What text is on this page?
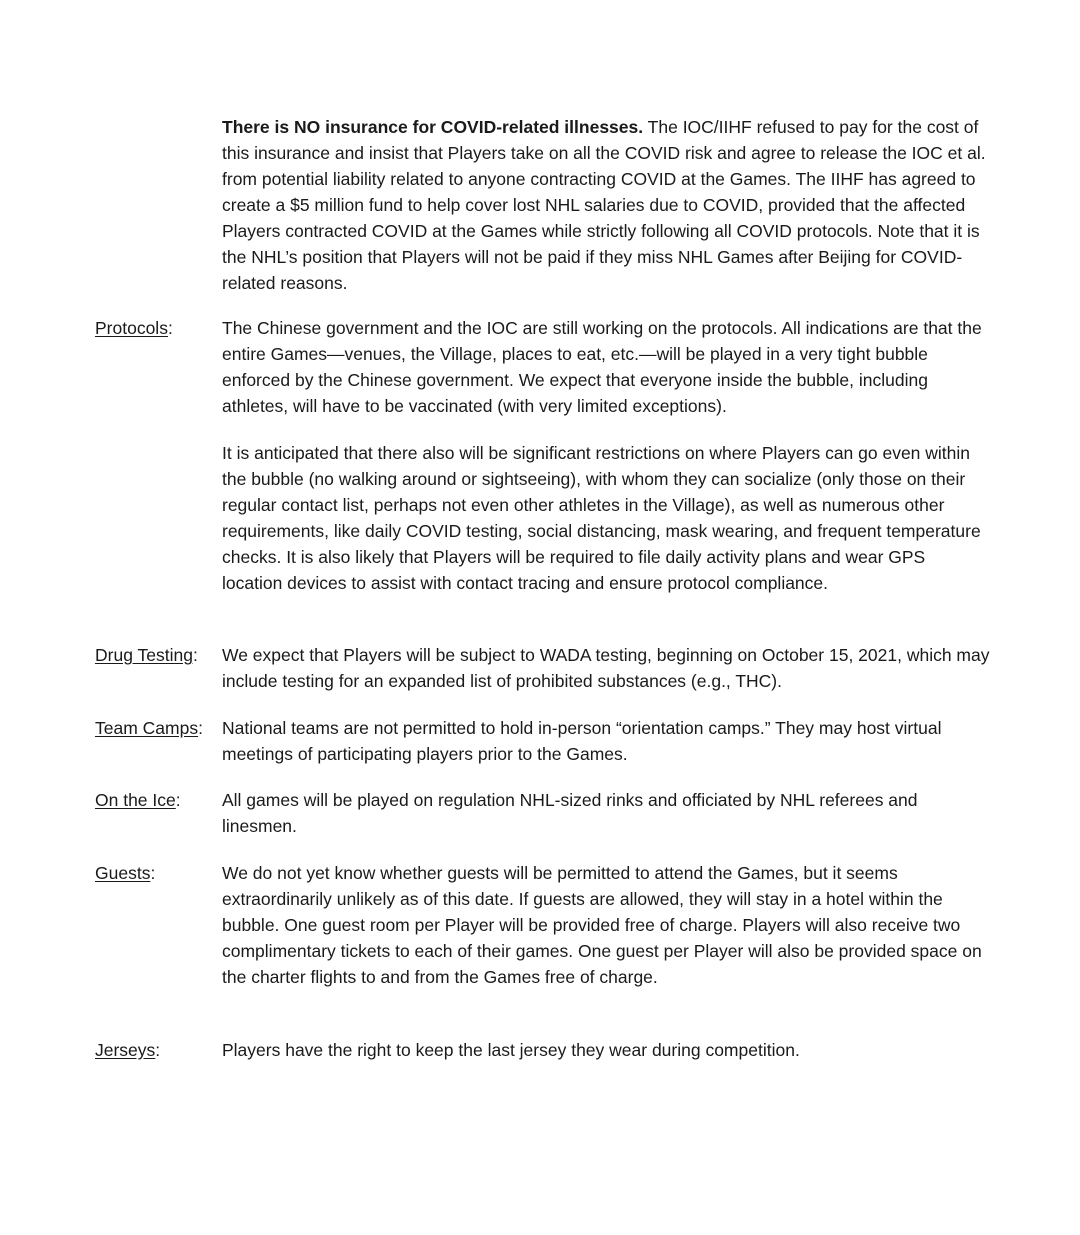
There is NO insurance for COVID-related illnesses. The IOC/IIHF refused to pay for the cost of this insurance and insist that Players take on all the COVID risk and agree to release the IOC et al. from potential liability related to anyone contracting COVID at the Games. The IIHF has agreed to create a $5 million fund to help cover lost NHL salaries due to COVID, provided that the affected Players contracted COVID at the Games while strictly following all COVID protocols. Note that it is the NHL’s position that Players will not be paid if they miss NHL Games after Beijing for COVID-related reasons.

Protocols:	The Chinese government and the IOC are still working on the protocols. All indications are that the entire Games—venues, the Village, places to eat, etc.—will be played in a very tight bubble enforced by the Chinese government. We expect that everyone inside the bubble, including athletes, will have to be vaccinated (with very limited exceptions).

It is anticipated that there also will be significant restrictions on where Players can go even within the bubble (no walking around or sightseeing), with whom they can socialize (only those on their regular contact list, perhaps not even other athletes in the Village), as well as numerous other requirements, like daily COVID testing, social distancing, mask wearing, and frequent temperature checks. It is also likely that Players will be required to file daily activity plans and wear GPS location devices to assist with contact tracing and ensure protocol compliance.

Drug Testing: We expect that Players will be subject to WADA testing, beginning on October 15, 2021, which may include testing for an expanded list of prohibited substances (e.g., THC).

Team Camps: National teams are not permitted to hold in-person “orientation camps.” They may host virtual meetings of participating players prior to the Games.

On the Ice: All games will be played on regulation NHL-sized rinks and officiated by NHL referees and linesmen.

Guests:	We do not yet know whether guests will be permitted to attend the Games, but it seems extraordinarily unlikely as of this date. If guests are allowed, they will stay in a hotel within the bubble. One guest room per Player will be provided free of charge. Players will also receive two complimentary tickets to each of their games. One guest per Player will also be provided space on the charter flights to and from the Games free of charge.

Jerseys:	Players have the right to keep the last jersey they wear during competition.
